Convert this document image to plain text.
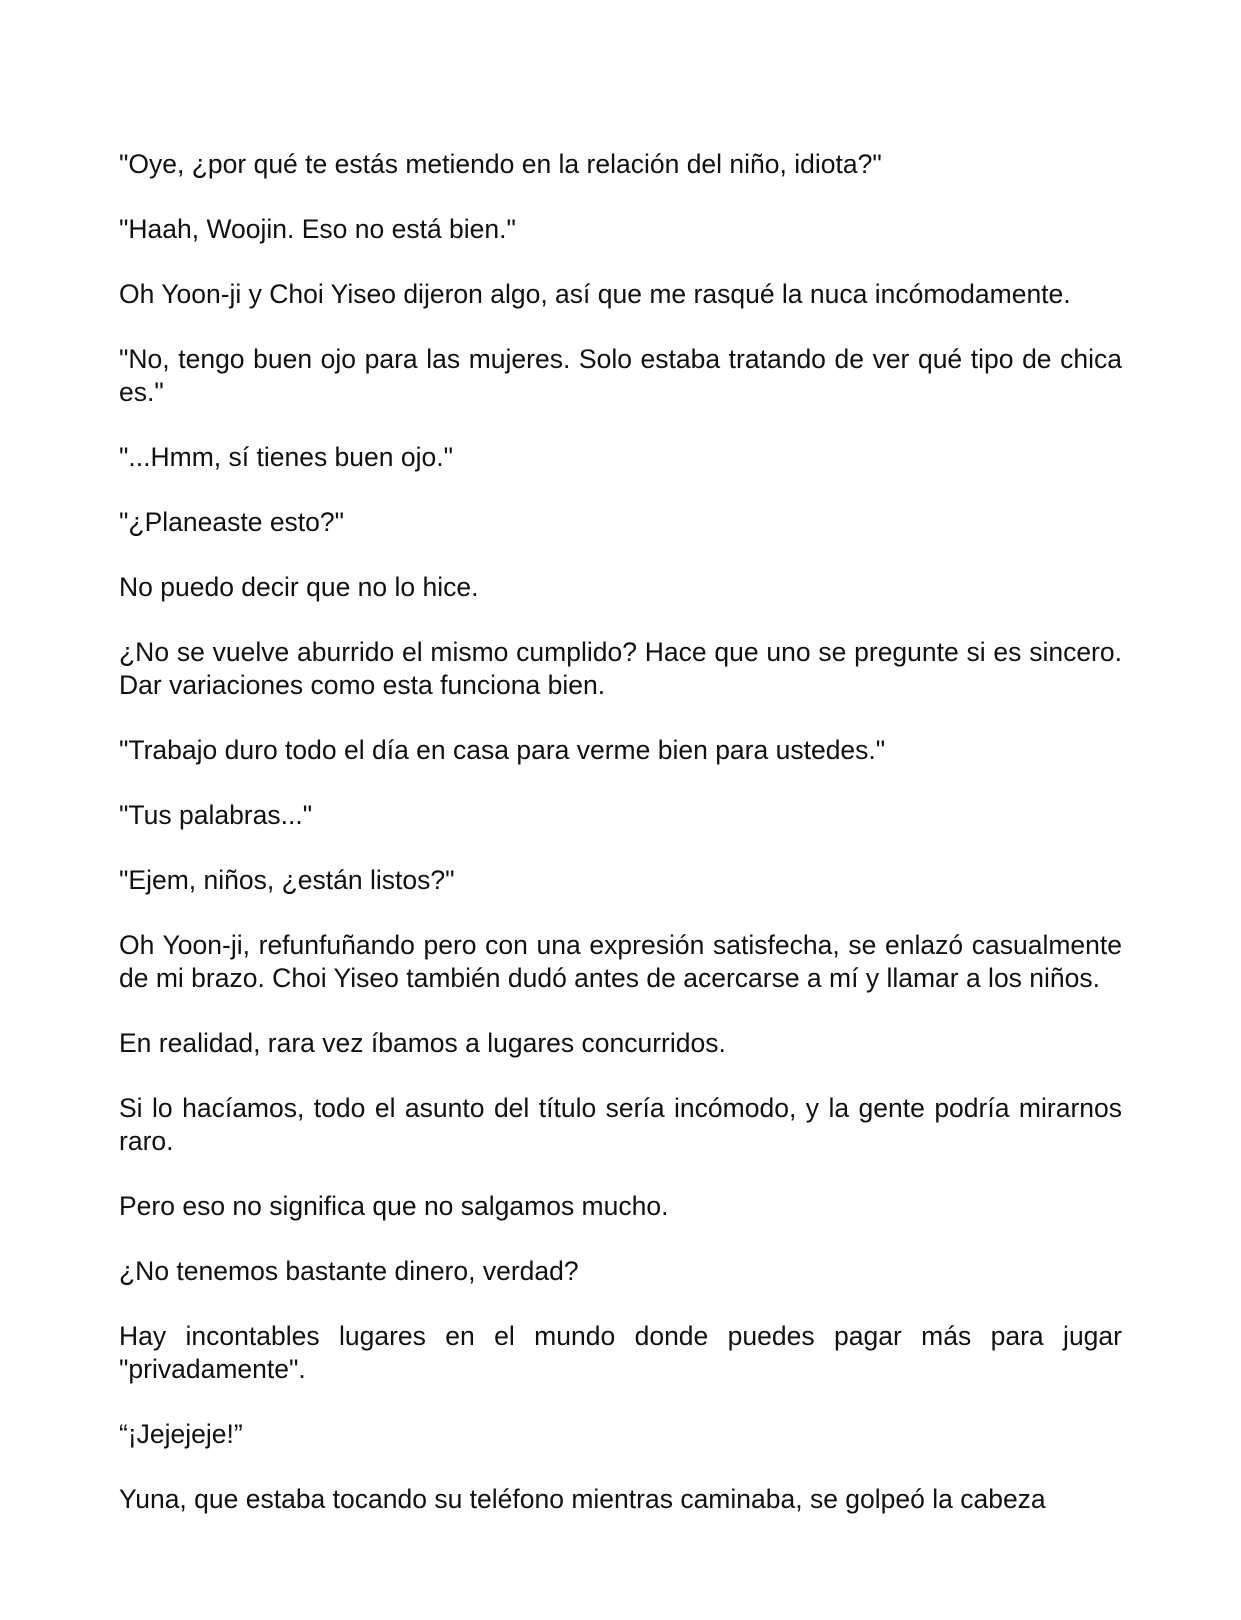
"Oye, ¿por qué te estás metiendo en la relación del niño, idiota?"

"Haah, Woojin. Eso no está bien."

Oh Yoon-ji y Choi Yiseo dijeron algo, así que me rasqué la nuca incómodamente.

"No, tengo buen ojo para las mujeres. Solo estaba tratando de ver qué tipo de chica es."

"...Hmm, sí tienes buen ojo."

"¿Planeaste esto?"

No puedo decir que no lo hice.

¿No se vuelve aburrido el mismo cumplido? Hace que uno se pregunte si es sincero. Dar variaciones como esta funciona bien.

"Trabajo duro todo el día en casa para verme bien para ustedes."

"Tus palabras..."

"Ejem, niños, ¿están listos?"

Oh Yoon-ji, refunfuñando pero con una expresión satisfecha, se enlazó casualmente de mi brazo. Choi Yiseo también dudó antes de acercarse a mí y llamar a los niños.

En realidad, rara vez íbamos a lugares concurridos.

Si lo hacíamos, todo el asunto del título sería incómodo, y la gente podría mirarnos raro.

Pero eso no significa que no salgamos mucho.

¿No tenemos bastante dinero, verdad?

Hay incontables lugares en el mundo donde puedes pagar más para jugar "privadamente".

“¡Jejejeje!”

Yuna, que estaba tocando su teléfono mientras caminaba, se golpeó la cabeza
